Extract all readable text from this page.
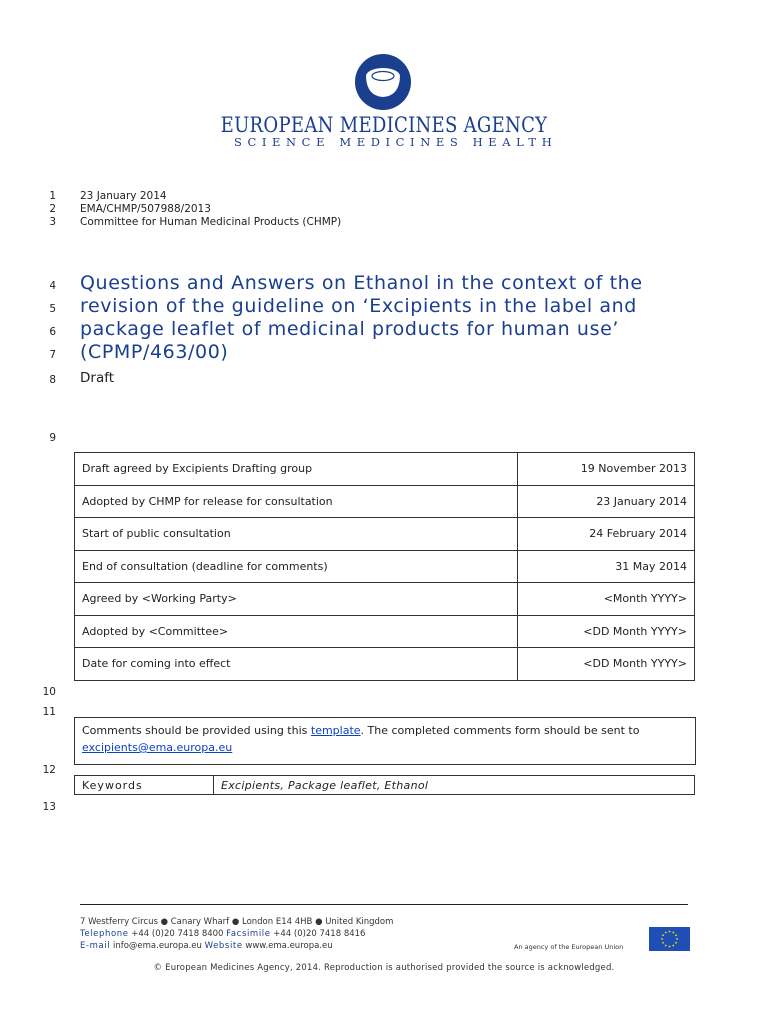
EUROPEAN MEDICINES AGENCY
SCIENCE MEDICINES HEALTH
1
2
3
4
5
6
7
8
9
10
11
12
13
23 January 2014
EMA/CHMP/507988/2013
Committee for Human Medicinal Products (CHMP)
Questions and Answers on Ethanol in the context of the
revision of the guideline on ‘Excipients in the label and
package leaflet of medicinal products for human use’
(CPMP/463/00)
Draft
Draft agreed by Excipients Drafting group	19 November 2013
Adopted by CHMP for release for consultation	23 January 2014
Start of public consultation	24 February 2014
End of consultation (deadline for comments)	31 May 2014
Agreed by <Working Party>	<Month YYYY>
Adopted by <Committee>	<DD Month YYYY>
Date for coming into effect	<DD Month YYYY>
Comments should be provided using this template. The completed comments form should be sent to
excipients@ema.europa.eu
Keywords	Excipients, Package leaflet, Ethanol
7 Westferry Circus ● Canary Wharf ● London E14 4HB ● United Kingdom
Telephone +44 (0)20 7418 8400 Facsimile +44 (0)20 7418 8416
E-mail info@ema.europa.eu Website www.ema.europa.eu	An agency of the European Union
© European Medicines Agency, 2014. Reproduction is authorised provided the source is acknowledged.
